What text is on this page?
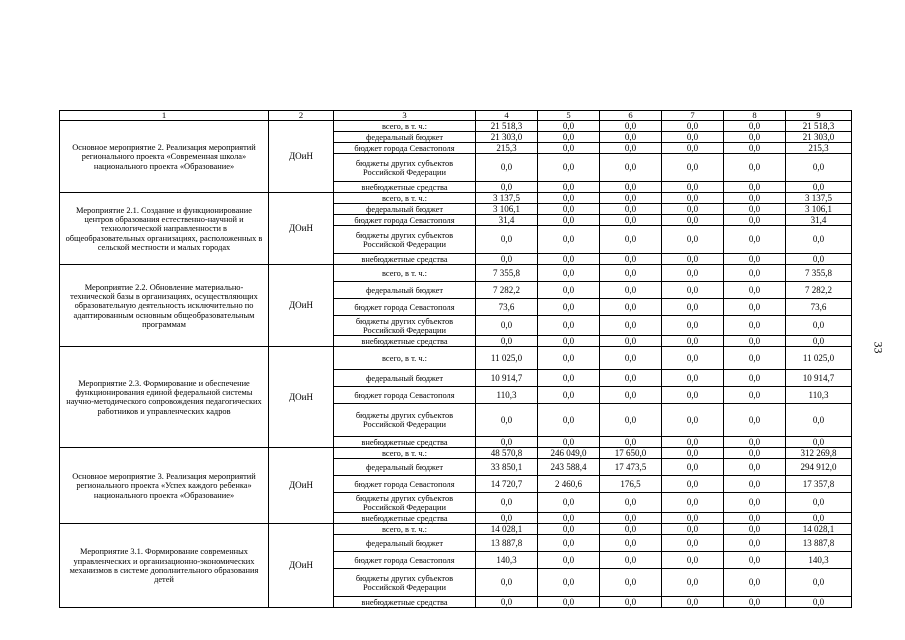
1	2	3	4	5	6	7	8	9
Основное мероприятие 2. Реализация мероприятий регионального проекта «Современная школа» национального проекта «Образование»	ДОиН	всего, в т. ч.:	21 518,3	0,0	0,0	0,0	0,0	21 518,3
		федеральный бюджет	21 303,0	0,0	0,0	0,0	0,0	21 303,0
		бюджет города Севастополя	215,3	0,0	0,0	0,0	0,0	215,3
		бюджеты других субъектов Российской Федерации	0,0	0,0	0,0	0,0	0,0	0,0
		внебюджетные средства	0,0	0,0	0,0	0,0	0,0	0,0
Мероприятие 2.1. Создание и функционирование центров образования естественно-научной и технологической направленности в общеобразовательных организациях, расположенных в сельской местности и малых городах	ДОиН	всего, в т. ч.:	3 137,5	0,0	0,0	0,0	0,0	3 137,5
		федеральный бюджет	3 106,1	0,0	0,0	0,0	0,0	3 106,1
		бюджет города Севастополя	31,4	0,0	0,0	0,0	0,0	31,4
		бюджеты других субъектов Российской Федерации	0,0	0,0	0,0	0,0	0,0	0,0
		внебюджетные средства	0,0	0,0	0,0	0,0	0,0	0,0
Мероприятие 2.2. Обновление материально-технической базы в организациях, осуществляющих образовательную деятельность исключительно по адаптированным основным общеобразовательным программам	ДОиН	всего, в т. ч.:	7 355,8	0,0	0,0	0,0	0,0	7 355,8
		федеральный бюджет	7 282,2	0,0	0,0	0,0	0,0	7 282,2
		бюджет города Севастополя	73,6	0,0	0,0	0,0	0,0	73,6
		бюджеты других субъектов Российской Федерации	0,0	0,0	0,0	0,0	0,0	0,0
		внебюджетные средства	0,0	0,0	0,0	0,0	0,0	0,0
Мероприятие 2.3. Формирование и обеспечение функционирования единой федеральной системы научно-методического сопровождения педагогических работников и управленческих кадров	ДОиН	всего, в т. ч.:	11 025,0	0,0	0,0	0,0	0,0	11 025,0
		федеральный бюджет	10 914,7	0,0	0,0	0,0	0,0	10 914,7
		бюджет города Севастополя	110,3	0,0	0,0	0,0	0,0	110,3
		бюджеты других субъектов Российской Федерации	0,0	0,0	0,0	0,0	0,0	0,0
		внебюджетные средства	0,0	0,0	0,0	0,0	0,0	0,0
Основное мероприятие 3. Реализация мероприятий регионального проекта «Успех каждого ребенка» национального проекта «Образование»	ДОиН	всего, в т. ч.:	48 570,8	246 049,0	17 650,0	0,0	0,0	312 269,8
		федеральный бюджет	33 850,1	243 588,4	17 473,5	0,0	0,0	294 912,0
		бюджет города Севастополя	14 720,7	2 460,6	176,5	0,0	0,0	17 357,8
		бюджеты других субъектов Российской Федерации	0,0	0,0	0,0	0,0	0,0	0,0
		внебюджетные средства	0,0	0,0	0,0	0,0	0,0	0,0
Мероприятие 3.1. Формирование современных управленческих и организационно-экономических механизмов в системе дополнительного образования детей	ДОиН	всего, в т. ч.:	14 028,1	0,0	0,0	0,0	0,0	14 028,1
		федеральный бюджет	13 887,8	0,0	0,0	0,0	0,0	13 887,8
		бюджет города Севастополя	140,3	0,0	0,0	0,0	0,0	140,3
		бюджеты других субъектов Российской Федерации	0,0	0,0	0,0	0,0	0,0	0,0
		внебюджетные средства	0,0	0,0	0,0	0,0	0,0	0,0
33
